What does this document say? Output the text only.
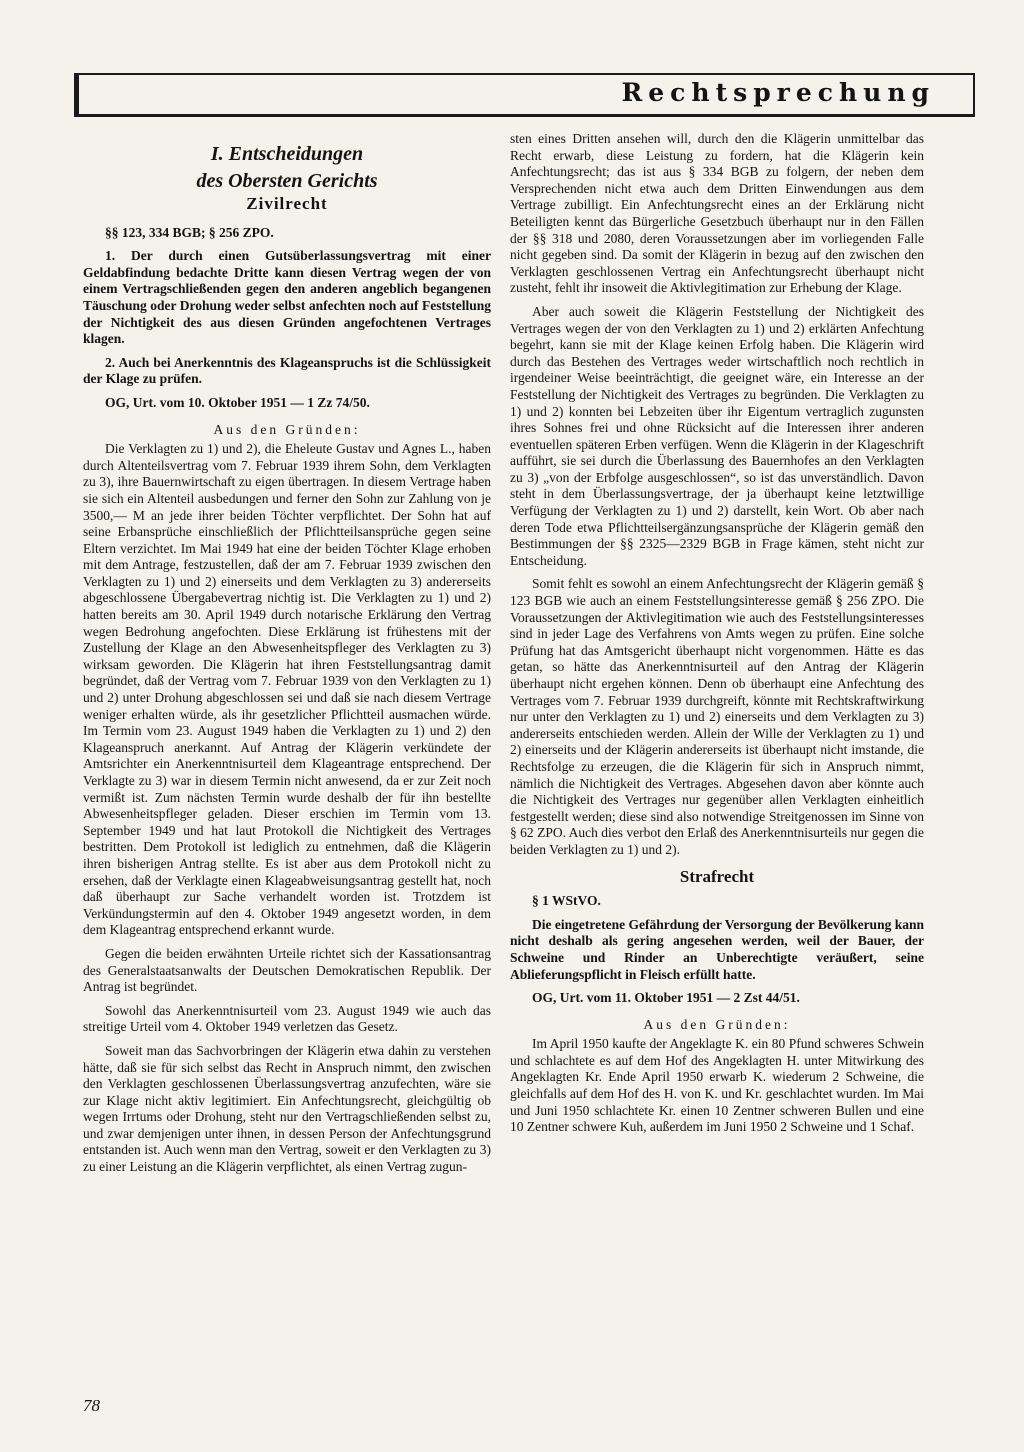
Rechtsprechung
I. Entscheidungen
des Obersten Gerichts
Zivilrecht
§§ 123, 334 BGB; § 256 ZPO.

1. Der durch einen Gutsüberlassungsvertrag mit einer Geldabfindung bedachte Dritte kann diesen Vertrag wegen der von einem Vertragschließenden gegen den anderen angeblich begangenen Täuschung oder Drohung weder selbst anfechten noch auf Feststellung der Nichtigkeit des aus diesen Gründen angefochtenen Vertrages klagen.

2. Auch bei Anerkenntnis des Klageanspruchs ist die Schlüssigkeit der Klage zu prüfen.

OG, Urt. vom 10. Oktober 1951 — 1 Zz 74/50.
Aus den Gründen:

Die Verklagten zu 1) und 2), die Eheleute Gustav und Agnes L., haben durch Altenteilsvertrag vom 7. Februar 1939 ihrem Sohn, dem Verklagten zu 3), ihre Bauernwirtschaft zu eigen übertragen. In diesem Vertrage haben sie sich ein Altenteil ausbedungen und ferner den Sohn zur Zahlung von je 3500,— M an jede ihrer beiden Töchter verpflichtet. Der Sohn hat auf seine Erbansprüche einschließlich der Pflichtteilsansprüche gegen seine Eltern verzichtet. Im Mai 1949 hat eine der beiden Töchter Klage erhoben mit dem Antrage, festzustellen, daß der am 7. Februar 1939 zwischen den Verklagten zu 1) und 2) einerseits und dem Verklagten zu 3) andererseits abgeschlossene Übergabevertrag nichtig ist. Die Verklagten zu 1) und 2) hatten bereits am 30. April 1949 durch notarische Erklärung den Vertrag wegen Bedrohung angefochten. Diese Erklärung ist frühestens mit der Zustellung der Klage an den Abwesenheitspfleger des Verklagten zu 3) wirksam geworden. Die Klägerin hat ihren Feststellungsantrag damit begründet, daß der Vertrag vom 7. Februar 1939 von den Verklagten zu 1) und 2) unter Drohung abgeschlossen sei und daß sie nach diesem Vertrage weniger erhalten würde, als ihr gesetzlicher Pflichtteil ausmachen würde. Im Termin vom 23. August 1949 haben die Verklagten zu 1) und 2) den Klageanspruch anerkannt. Auf Antrag der Klägerin verkündete der Amtsrichter ein Anerkenntnisurteil dem Klageantrage entsprechend. Der Verklagte zu 3) war in diesem Termin nicht anwesend, da er zur Zeit noch vermißt ist. Zum nächsten Termin wurde deshalb der für ihn bestellte Abwesenheitspfleger geladen. Dieser erschien im Termin vom 13. September 1949 und hat laut Protokoll die Nichtigkeit des Vertrages bestritten. Dem Protokoll ist lediglich zu entnehmen, daß die Klägerin ihren bisherigen Antrag stellte. Es ist aber aus dem Protokoll nicht zu ersehen, daß der Verklagte einen Klageabweisungsantrag gestellt hat, noch daß überhaupt zur Sache verhandelt worden ist. Trotzdem ist Verkündungstermin auf den 4. Oktober 1949 angesetzt worden, in dem dem Klageantrag entsprechend erkannt wurde.

Gegen die beiden erwähnten Urteile richtet sich der Kassationsantrag des Generalstaatsanwalts der Deutschen Demokratischen Republik. Der Antrag ist begründet.

Sowohl das Anerkenntnisurteil vom 23. August 1949 wie auch das streitige Urteil vom 4. Oktober 1949 verletzen das Gesetz.

Soweit man das Sachvorbringen der Klägerin etwa dahin zu verstehen hätte, daß sie für sich selbst das Recht in Anspruch nimmt, den zwischen den Verklagten geschlossenen Überlassungsvertrag anzufechten, wäre sie zur Klage nicht aktiv legitimiert. Ein Anfechtungsrecht, gleichgültig ob wegen Irrtums oder Drohung, steht nur den Vertragschließenden selbst zu, und zwar demjenigen unter ihnen, in dessen Person der Anfechtungsgrund entstanden ist. Auch wenn man den Vertrag, soweit er den Verklagten zu 3) zu einer Leistung an die Klägerin verpflichtet, als einen Vertrag zugun-

sten eines Dritten ansehen will, durch den die Klägerin unmittelbar das Recht erwarb, diese Leistung zu fordern, hat die Klägerin kein Anfechtungsrecht; das ist aus § 334 BGB zu folgern, der neben dem Versprechenden nicht etwa auch dem Dritten Einwendungen aus dem Vertrage zubilligt. Ein Anfechtungsrecht eines an der Erklärung nicht Beteiligten kennt das Bürgerliche Gesetzbuch überhaupt nur in den Fällen der §§ 318 und 2080, deren Voraussetzungen aber im vorliegenden Falle nicht gegeben sind. Da somit der Klägerin in bezug auf den zwischen den Verklagten geschlossenen Vertrag ein Anfechtungsrecht überhaupt nicht zusteht, fehlt ihr insoweit die Aktivlegitimation zur Erhebung der Klage.

Aber auch soweit die Klägerin Feststellung der Nichtigkeit des Vertrages wegen der von den Verklagten zu 1) und 2) erklärten Anfechtung begehrt, kann sie mit der Klage keinen Erfolg haben. Die Klägerin wird durch das Bestehen des Vertrages weder wirtschaftlich noch rechtlich in irgendeiner Weise beeinträchtigt, die geeignet wäre, ein Interesse an der Feststellung der Nichtigkeit des Vertrages zu begründen. Die Verklagten zu 1) und 2) konnten bei Lebzeiten über ihr Eigentum vertraglich zugunsten ihres Sohnes frei und ohne Rücksicht auf die Interessen ihrer anderen eventuellen späteren Erben verfügen. Wenn die Klägerin in der Klageschrift aufführt, sie sei durch die Überlassung des Bauernhofes an den Verklagten zu 3) „von der Erbfolge ausgeschlossen“, so ist das unverständlich. Davon steht in dem Überlassungsvertrage, der ja überhaupt keine letztwillige Verfügung der Verklagten zu 1) und 2) darstellt, kein Wort. Ob aber nach deren Tode etwa Pflichtteilsergänzungsansprüche der Klägerin gemäß den Bestimmungen der §§ 2325—2329 BGB in Frage kämen, steht nicht zur Entscheidung.

Somit fehlt es sowohl an einem Anfechtungsrecht der Klägerin gemäß § 123 BGB wie auch an einem Feststellungsinteresse gemäß § 256 ZPO. Die Voraussetzungen der Aktivlegitimation wie auch des Feststellungsinteresses sind in jeder Lage des Verfahrens von Amts wegen zu prüfen. Eine solche Prüfung hat das Amtsgericht überhaupt nicht vorgenommen. Hätte es das getan, so hätte das Anerkenntnisurteil auf den Antrag der Klägerin überhaupt nicht ergehen können. Denn ob überhaupt eine Anfechtung des Vertrages vom 7. Februar 1939 durchgreift, könnte mit Rechtskraftwirkung nur unter den Verklagten zu 1) und 2) einerseits und dem Verklagten zu 3) andererseits entschieden werden. Allein der Wille der Verklagten zu 1) und 2) einerseits und der Klägerin andererseits ist überhaupt nicht imstande, die Rechtsfolge zu erzeugen, die die Klägerin für sich in Anspruch nimmt, nämlich die Nichtigkeit des Vertrages. Abgesehen davon aber könnte auch die Nichtigkeit des Vertrages nur gegenüber allen Verklagten einheitlich festgestellt werden; diese sind also notwendige Streitgenossen im Sinne von § 62 ZPO. Auch dies verbot den Erlaß des Anerkenntnisurteils nur gegen die beiden Verklagten zu 1) und 2).

Strafrecht
§ 1 WStVO.

Die eingetretene Gefährdung der Versorgung der Bevölkerung kann nicht deshalb als gering angesehen werden, weil der Bauer, der Schweine und Rinder an Unberechtigte veräußert, seine Ablieferungspflicht in Fleisch erfüllt hatte.

OG, Urt. vom 11. Oktober 1951 — 2 Zst 44/51.
Aus den Gründen:

Im April 1950 kaufte der Angeklagte K. ein 80 Pfund schweres Schwein und schlachtete es auf dem Hof des Angeklagten H. unter Mitwirkung des Angeklagten Kr. Ende April 1950 erwarb K. wiederum 2 Schweine, die gleichfalls auf dem Hof des H. von K. und Kr. geschlachtet wurden. Im Mai und Juni 1950 schlachtete Kr. einen 10 Zentner schweren Bullen und eine 10 Zentner schwere Kuh, außerdem im Juni 1950 2 Schweine und 1 Schaf.

78
